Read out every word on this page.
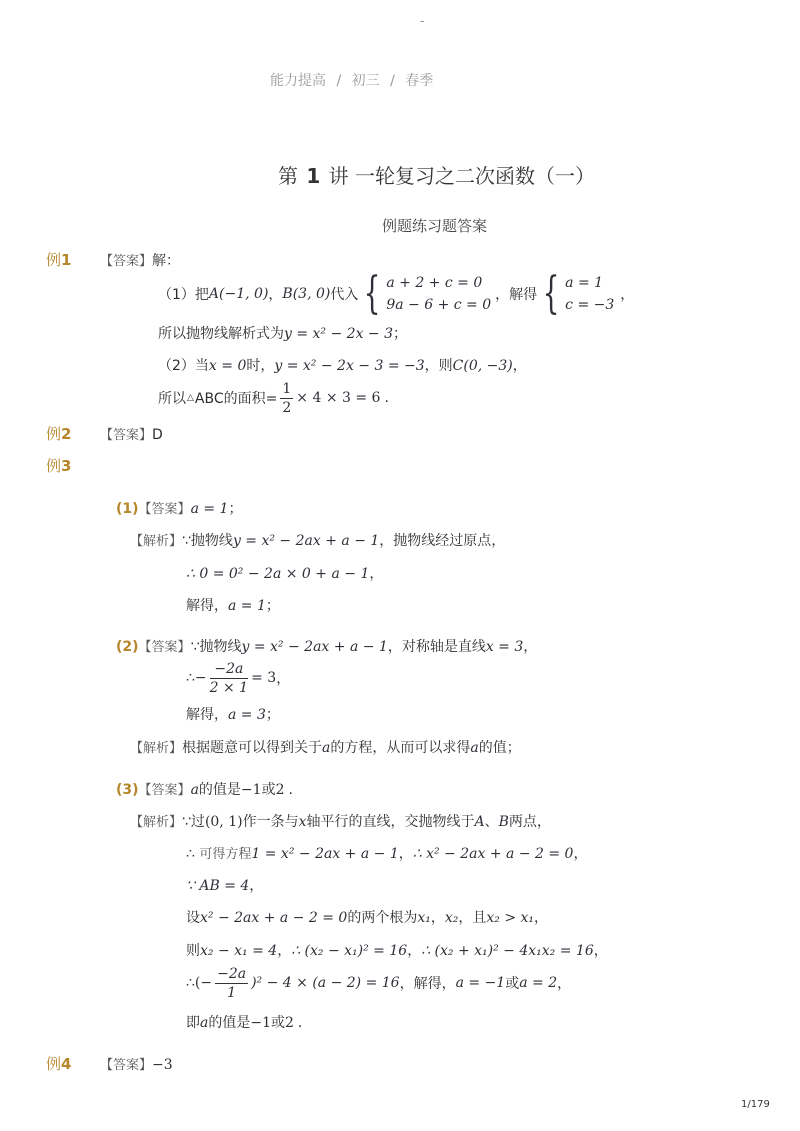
-
能力提高 / 初三 / 春季
第 1 讲 一轮复习之二次函数（一）
例题练习题答案
例1 【答案】解：
（1）把 A(−1, 0) ， B(3, 0) 代入 { a + 2 + c = 0
9a − 6 + c = 0
，解得 { a = 1
c = −3
，
所以抛物线解析式为y = x² − 2x − 3；
（2）当x = 0时，y = x² − 2x − 3 = −3，则C(0, −3)，
所以 △ ABC的面积= $\frac{1}{2} \times 4 \times 3 = 6$ .
例2 【答案】D
例3
(1)【答案】a = 1；
【解析】∵抛物线y = x² − 2ax + a − 1，抛物线经过原点，
∴ 0 = 0² − 2a × 0 + a − 1，
解得，a = 1；
(2)【答案】∵抛物线y = x² − 2ax + a − 1，对称轴是直线x = 3，
∴− $\frac{-2a}{2 \times 1} = 3$ ，
解得，a = 3；
【解析】根据题意可以得到关于a的方程，从而可以求得a的值；
(3)【答案】a的值是−1或2 .
【解析】∵过(0, 1)作一条与x轴平行的直线，交抛物线于A、B两点，
∴ 可得方程1 = x² − 2ax + a − 1，∴ x² − 2ax + a − 2 = 0，
∵ AB = 4，
设x² − 2ax + a − 2 = 0的两个根为x₁，x₂，且x₂ > x₁，
则x₂ − x₁ = 4，∴ (x₂ − x₁)² = 16，∴ (x₂ + x₁)² − 4x₁x₂ = 16，
∴(− $\frac{-2a}{1} )^2 - 4 \times (a - 2) = 16$ ，解得， a = −1 或 a = 2 ，
即a的值是−1或2 .
例4 【答案】−3
1/179
